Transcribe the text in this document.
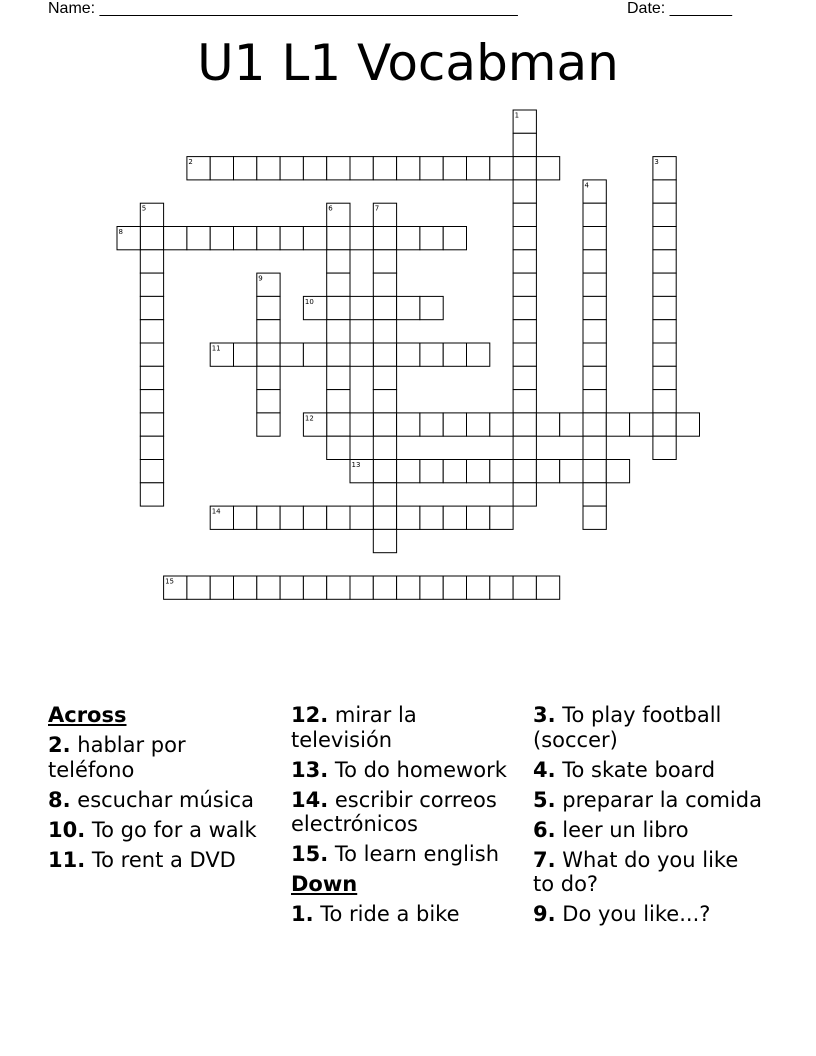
Name: _______________________________________________	Date: _______
U1 L1 Vocabman
1
2	3
4
5	6	7
8
9
10
11
12
13
14
15
Across
2. hablar por teléfono
8. escuchar música
10. To go for a walk
11. To rent a DVD
12. mirar la televisión
13. To do homework
14. escribir correos electrónicos
15. To learn english
Down
1. To ride a bike
3. To play football (soccer)
4. To skate board
5. preparar la comida
6. leer un libro
7. What do you like to do?
9. Do you like...?
